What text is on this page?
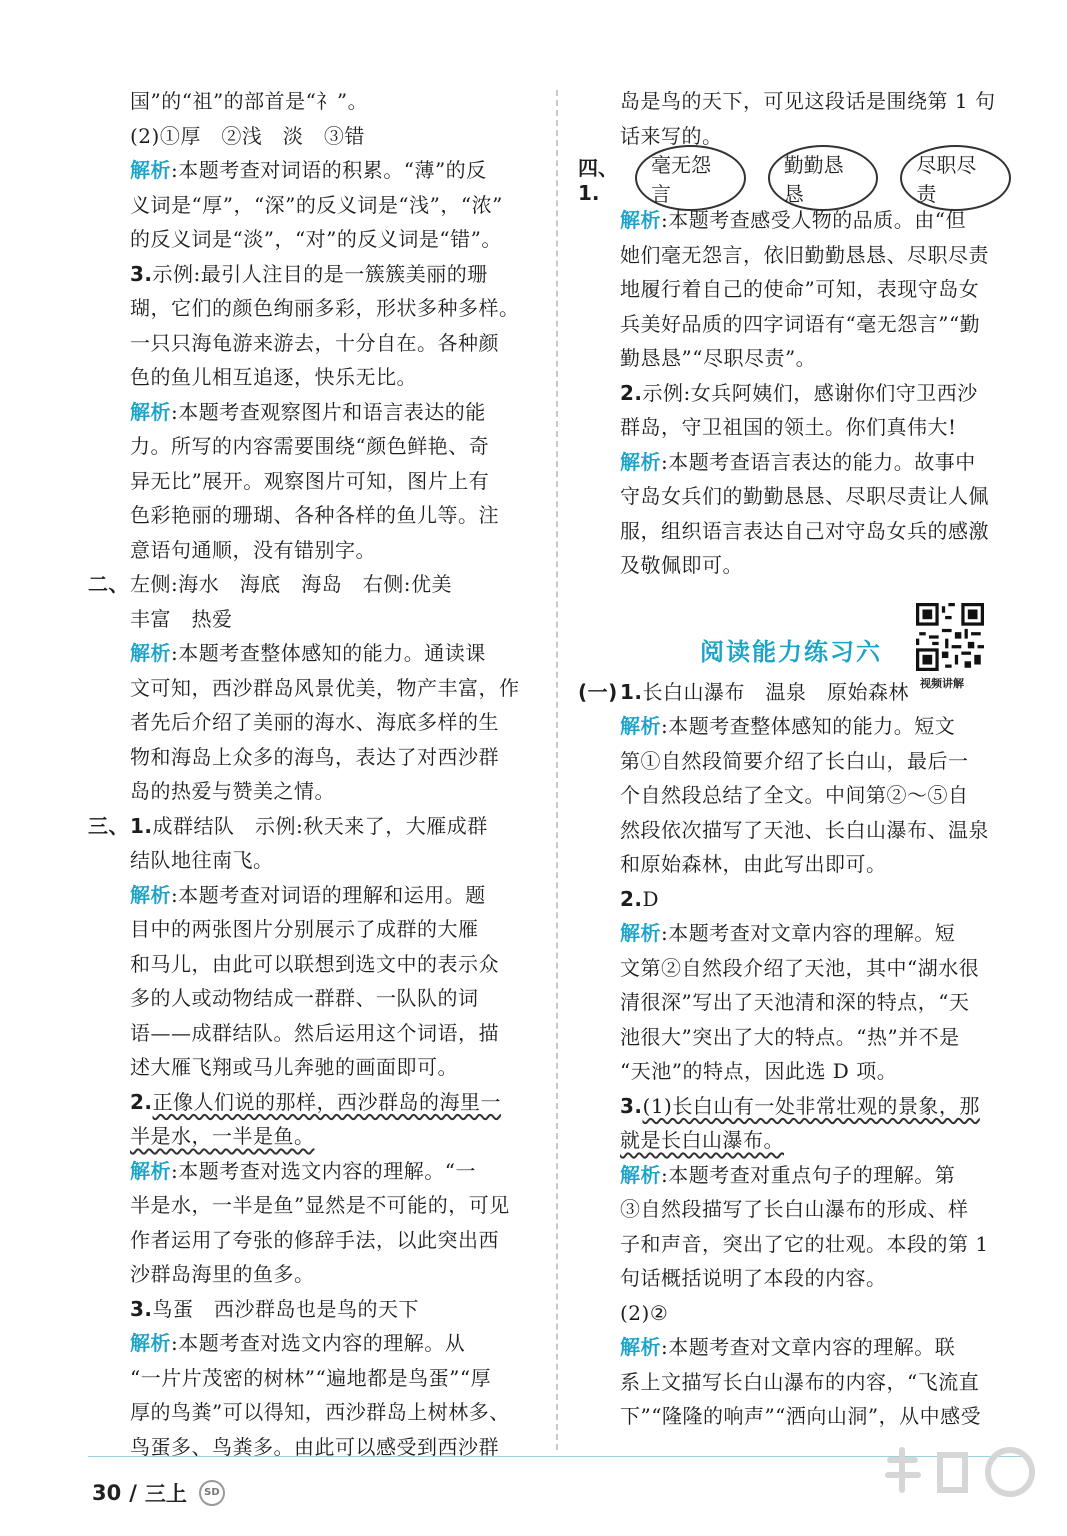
国”的“祖”的部首是“礻”。
(2)①厚　②浅　淡　③错
解析:本题考查对词语的积累。“薄”的反
义词是“厚”，“深”的反义词是“浅”，“浓”
的反义词是“淡”，“对”的反义词是“错”。
3.示例:最引人注目的是一簇簇美丽的珊
瑚，它们的颜色绚丽多彩，形状多种多样。
一只只海龟游来游去，十分自在。各种颜
色的鱼儿相互追逐，快乐无比。
解析:本题考查观察图片和语言表达的能
力。所写的内容需要围绕“颜色鲜艳、奇
异无比”展开。观察图片可知，图片上有
色彩艳丽的珊瑚、各种各样的鱼儿等。注
意语句通顺，没有错别字。
二、左侧:海水　海底　海岛　右侧:优美
丰富　热爱
解析:本题考查整体感知的能力。通读课
文可知，西沙群岛风景优美，物产丰富，作
者先后介绍了美丽的海水、海底多样的生
物和海岛上众多的海鸟，表达了对西沙群
岛的热爱与赞美之情。
三、1.成群结队　示例:秋天来了，大雁成群
结队地往南飞。
解析:本题考查对词语的理解和运用。题
目中的两张图片分别展示了成群的大雁
和马儿，由此可以联想到选文中的表示众
多的人或动物结成一群群、一队队的词
语——成群结队。然后运用这个词语，描
述大雁飞翔或马儿奔驰的画面即可。
2.正像人们说的那样，西沙群岛的海里一
半是水，一半是鱼。
解析:本题考查对选文内容的理解。“一
半是水，一半是鱼”显然是不可能的，可见
作者运用了夸张的修辞手法，以此突出西
沙群岛海里的鱼多。
3.鸟蛋　西沙群岛也是鸟的天下
解析:本题考查对选文内容的理解。从
“一片片茂密的树林”“遍地都是鸟蛋”“厚
厚的鸟粪”可以得知，西沙群岛上树林多、
鸟蛋多、鸟粪多。由此可以感受到西沙群
岛是鸟的天下，可见这段话是围绕第 1 句
话来写的。
四、1.
毫无怨言
勤勤恳恳
尽职尽责
解析:本题考查感受人物的品质。由“但
她们毫无怨言，依旧勤勤恳恳、尽职尽责
地履行着自己的使命”可知，表现守岛女
兵美好品质的四字词语有“毫无怨言”“勤
勤恳恳”“尽职尽责”。
2.示例:女兵阿姨们，感谢你们守卫西沙
群岛，守卫祖国的领土。你们真伟大!
解析:本题考查语言表达的能力。故事中
守岛女兵们的勤勤恳恳、尽职尽责让人佩
服，组织语言表达自己对守岛女兵的感激
及敬佩即可。
(一) 1.长白山瀑布　温泉　原始森林
解析:本题考查整体感知的能力。短文
第①自然段简要介绍了长白山，最后一
个自然段总结了全文。中间第②～⑤自
然段依次描写了天池、长白山瀑布、温泉
和原始森林，由此写出即可。
2.D
解析:本题考查对文章内容的理解。短
文第②自然段介绍了天池，其中“湖水很
清很深”写出了天池清和深的特点，“天
池很大”突出了大的特点。“热”并不是
“天池”的特点，因此选 D 项。
3.(1)长白山有一处非常壮观的景象，那
就是长白山瀑布。
解析:本题考查对重点句子的理解。第
③自然段描写了长白山瀑布的形成、样
子和声音，突出了它的壮观。本段的第 1
句话概括说明了本段的内容。
(2)②
解析:本题考查对文章内容的理解。联
系上文描写长白山瀑布的内容，“飞流直
下”“隆隆的响声”“洒向山洞”，从中感受
阅读能力练习六
视频讲解
30 / 三上	SD
